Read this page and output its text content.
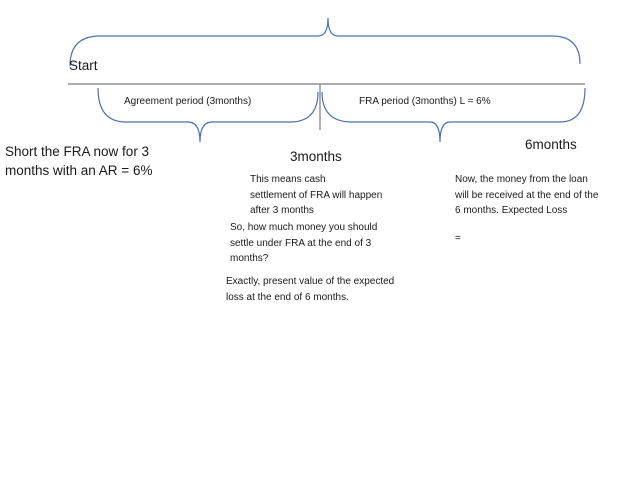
Start
Agreement period (3months)	FRA period (3months) L = 6%
Short the FRA now for 3
months with an AR = 6%
3months
6months
This means cash
settlement of FRA will happen
after 3 months
So, how much money you should
settle under FRA at the end of 3
months?
Exactly, present value of the expected
loss at the end of 6 months.
Now, the money from the loan
will be received at the end of the
6 months. Expected Loss
=
